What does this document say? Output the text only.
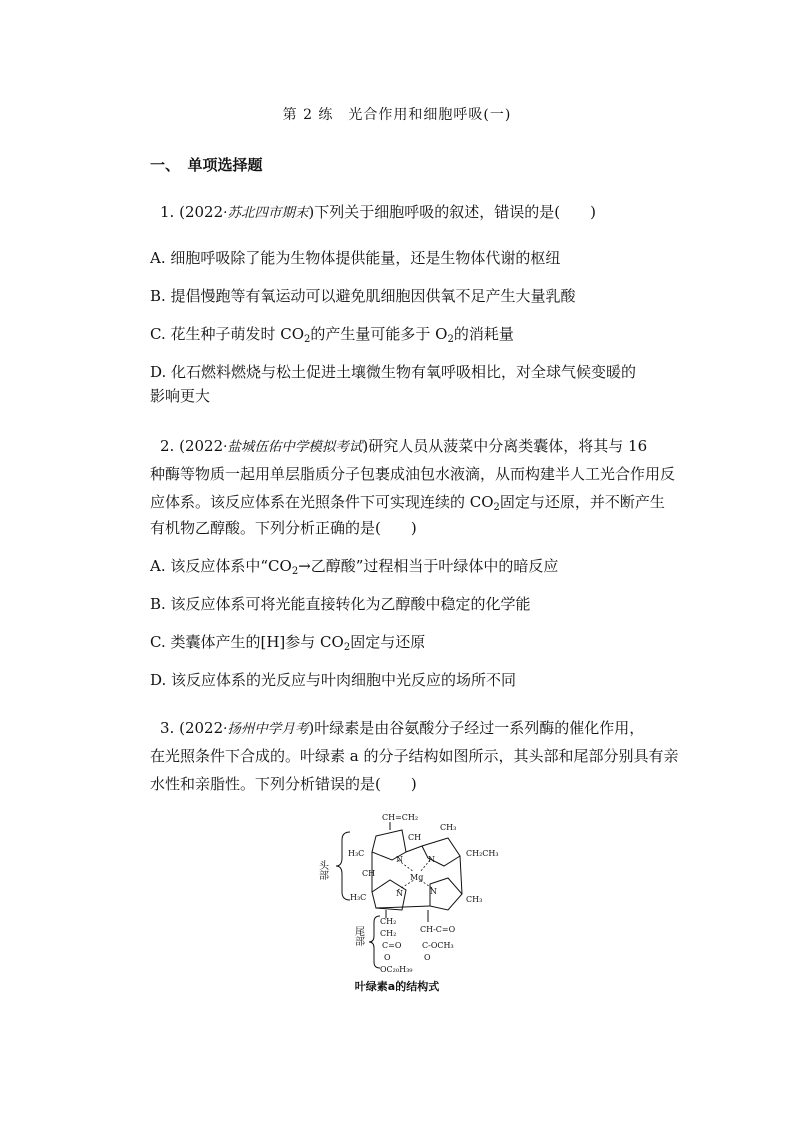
第 2 练　光合作用和细胞呼吸(一)
一、　单项选择题
1. (2022·苏北四市期末)下列关于细胞呼吸的叙述，错误的是(　　)
A. 细胞呼吸除了能为生物体提供能量，还是生物体代谢的枢纽
B. 提倡慢跑等有氧运动可以避免肌细胞因供氧不足产生大量乳酸
C. 花生种子萌发时 $CO_2$的产生量可能多于 $O_2$的消耗量
D. 化石燃料燃烧与松土促进土壤微生物有氧呼吸相比，对全球气候变暖的
影响更大
2. (2022·盐城伍佑中学模拟考试)研究人员从菠菜中分离类囊体，将其与 16
种酶等物质一起用单层脂质分子包裹成油包水液滴，从而构建半人工光合作用反
应体系。该反应体系在光照条件下可实现连续的 $CO_2$固定与还原，并不断产生
有机物乙醇酸。下列分析正确的是(　　)
A. 该反应体系中“$CO_2\to$乙醇酸”过程相当于叶绿体中的暗反应
B. 该反应体系可将光能直接转化为乙醇酸中稳定的化学能
C. 类囊体产生的[H]参与 $CO_2$固定与还原
D. 该反应体系的光反应与叶肉细胞中光反应的场所不同
3. (2022·扬州中学月考)叶绿素是由谷氨酸分子经过一系列酶的催化作用，
在光照条件下合成的。叶绿素 a 的分子结构如图所示，其头部和尾部分别具有亲
水性和亲脂性。下列分析错误的是(　　)
头部
尾部
CH=CH₂
CH
CH₃
H₃C	CH₂CH₃
N	N
Mg
N	N
CH
H₃C	CH₃
CH₂
CH₂
C=O
O
OC₂₀H₃₉
CH-C=O
C-OCH₃
O
叶绿素a的结构式
